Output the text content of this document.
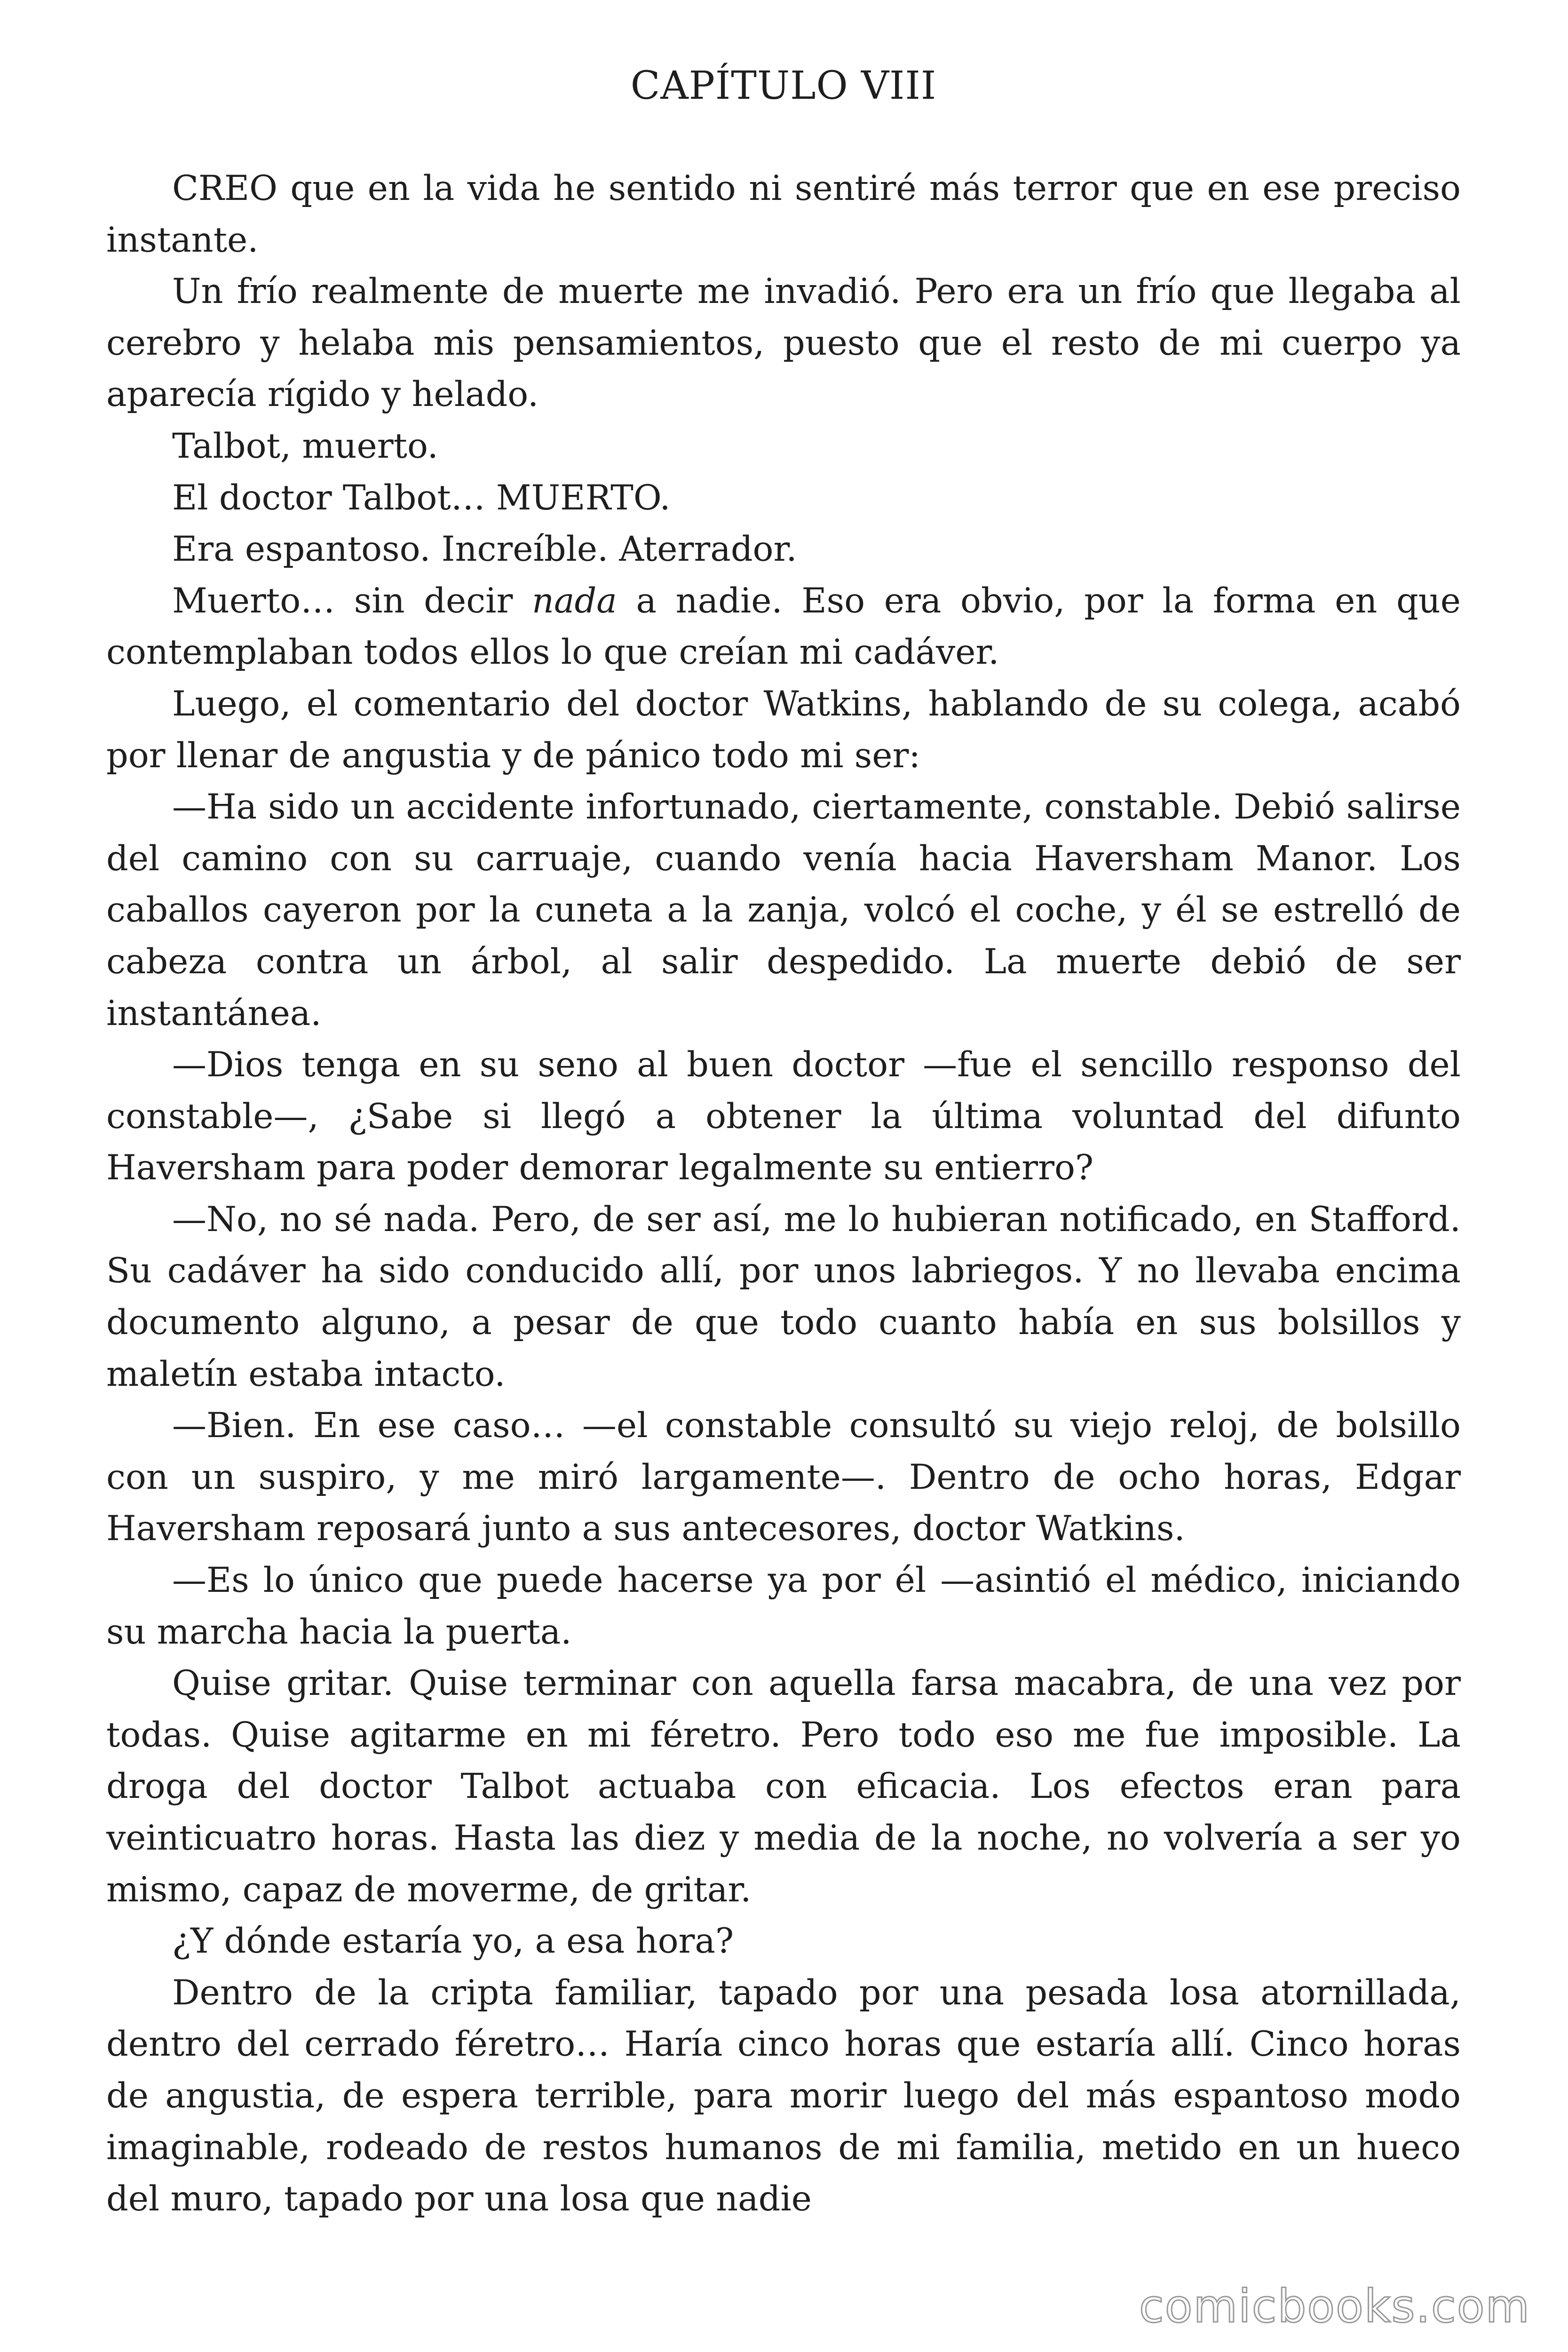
CAPÍTULO VIII

CREO que en la vida he sentido ni sentiré más terror que en ese preciso instante.

Un frío realmente de muerte me invadió. Pero era un frío que llegaba al cerebro y helaba mis pensamientos, puesto que el resto de mi cuerpo ya aparecía rígido y helado.

Talbot, muerto.

El doctor Talbot… MUERTO.

Era espantoso. Increíble. Aterrador.

Muerto… sin decir nada a nadie. Eso era obvio, por la forma en que contemplaban todos ellos lo que creían mi cadáver.

Luego, el comentario del doctor Watkins, hablando de su colega, acabó por llenar de angustia y de pánico todo mi ser:

—Ha sido un accidente infortunado, ciertamente, constable. Debió salirse del camino con su carruaje, cuando venía hacia Haversham Manor. Los caballos cayeron por la cuneta a la zanja, volcó el coche, y él se estrelló de cabeza contra un árbol, al salir despedido. La muerte debió de ser instantánea.

—Dios tenga en su seno al buen doctor —fue el sencillo responso del constable—, ¿Sabe si llegó a obtener la última voluntad del difunto Haversham para poder demorar legalmente su entierro?

—No, no sé nada. Pero, de ser así, me lo hubieran notificado, en Stafford. Su cadáver ha sido conducido allí, por unos labriegos. Y no llevaba encima documento alguno, a pesar de que todo cuanto había en sus bolsillos y maletín estaba intacto.

—Bien. En ese caso… —el constable consultó su viejo reloj, de bolsillo con un suspiro, y me miró largamente—. Dentro de ocho horas, Edgar Haversham reposará junto a sus antecesores, doctor Watkins.

—Es lo único que puede hacerse ya por él —asintió el médico, iniciando su marcha hacia la puerta.

Quise gritar. Quise terminar con aquella farsa macabra, de una vez por todas. Quise agitarme en mi féretro. Pero todo eso me fue imposible. La droga del doctor Talbot actuaba con eficacia. Los efectos eran para veinticuatro horas. Hasta las diez y media de la noche, no volvería a ser yo mismo, capaz de moverme, de gritar.

¿Y dónde estaría yo, a esa hora?

Dentro de la cripta familiar, tapado por una pesada losa atornillada, dentro del cerrado féretro… Haría cinco horas que estaría allí. Cinco horas de angustia, de espera terrible, para morir luego del más espantoso modo imaginable, rodeado de restos humanos de mi familia, metido en un hueco del muro, tapado por una losa que nadie

comicbooks.com
